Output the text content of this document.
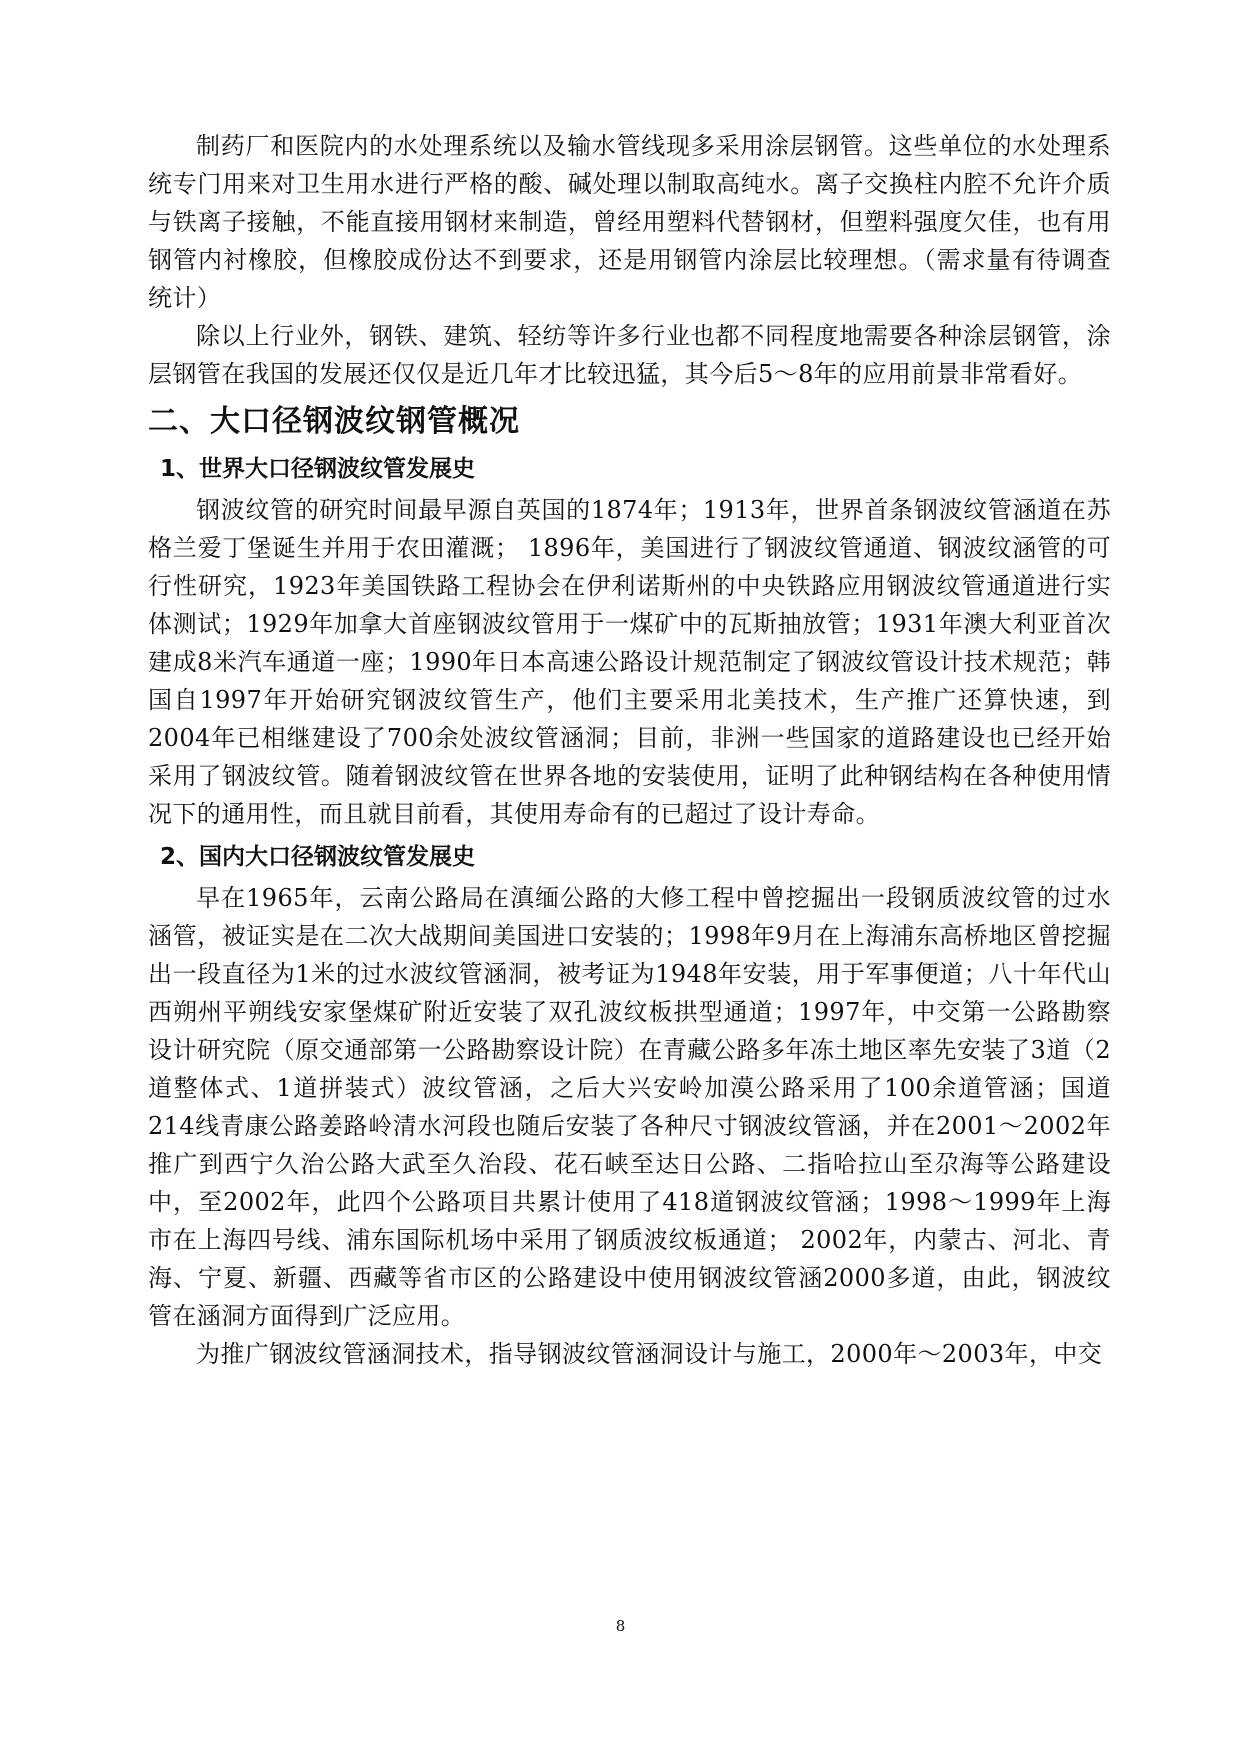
制药厂和医院内的水处理系统以及输水管线现多采用涂层钢管。这些单位的水处理系统专门用来对卫生用水进行严格的酸、碱处理以制取高纯水。离子交换柱内腔不允许介质与铁离子接触，不能直接用钢材来制造，曾经用塑料代替钢材，但塑料强度欠佳，也有用钢管内衬橡胶，但橡胶成份达不到要求，还是用钢管内涂层比较理想。（需求量有待调查统计）

除以上行业外，钢铁、建筑、轻纺等许多行业也都不同程度地需要各种涂层钢管，涂层钢管在我国的发展还仅仅是近几年才比较迅猛，其今后5～8年的应用前景非常看好。

二、大口径钢波纹钢管概况
1、世界大口径钢波纹管发展史

钢波纹管的研究时间最早源自英国的1874年；1913年，世界首条钢波纹管涵道在苏格兰爱丁堡诞生并用于农田灌溉； 1896年，美国进行了钢波纹管通道、钢波纹涵管的可行性研究，1923年美国铁路工程协会在伊利诺斯州的中央铁路应用钢波纹管通道进行实体测试；1929年加拿大首座钢波纹管用于一煤矿中的瓦斯抽放管；1931年澳大利亚首次建成8米汽车通道一座；1990年日本高速公路设计规范制定了钢波纹管设计技术规范；韩国自1997年开始研究钢波纹管生产，他们主要采用北美技术，生产推广还算快速，到2004年已相继建设了700余处波纹管涵洞；目前，非洲一些国家的道路建设也已经开始采用了钢波纹管。随着钢波纹管在世界各地的安装使用，证明了此种钢结构在各种使用情况下的通用性，而且就目前看，其使用寿命有的已超过了设计寿命。

2、国内大口径钢波纹管发展史

早在1965年，云南公路局在滇缅公路的大修工程中曾挖掘出一段钢质波纹管的过水涵管，被证实是在二次大战期间美国进口安装的；1998年9月在上海浦东高桥地区曾挖掘出一段直径为1米的过水波纹管涵洞，被考证为1948年安装，用于军事便道；八十年代山西朔州平朔线安家堡煤矿附近安装了双孔波纹板拱型通道；1997年，中交第一公路勘察设计研究院（原交通部第一公路勘察设计院）在青藏公路多年冻土地区率先安装了3道（2道整体式、1道拼装式）波纹管涵，之后大兴安岭加漠公路采用了100余道管涵；国道214线青康公路姜路岭清水河段也随后安装了各种尺寸钢波纹管涵，并在2001～2002年推广到西宁久治公路大武至久治段、花石峡至达日公路、二指哈拉山至尕海等公路建设中，至2002年，此四个公路项目共累计使用了418道钢波纹管涵；1998～1999年上海市在上海四号线、浦东国际机场中采用了钢质波纹板通道； 2002年，内蒙古、河北、青海、宁夏、新疆、西藏等省市区的公路建设中使用钢波纹管涵2000多道，由此，钢波纹管在涵洞方面得到广泛应用。

为推广钢波纹管涵洞技术，指导钢波纹管涵洞设计与施工，2000年～2003年，中交

8
